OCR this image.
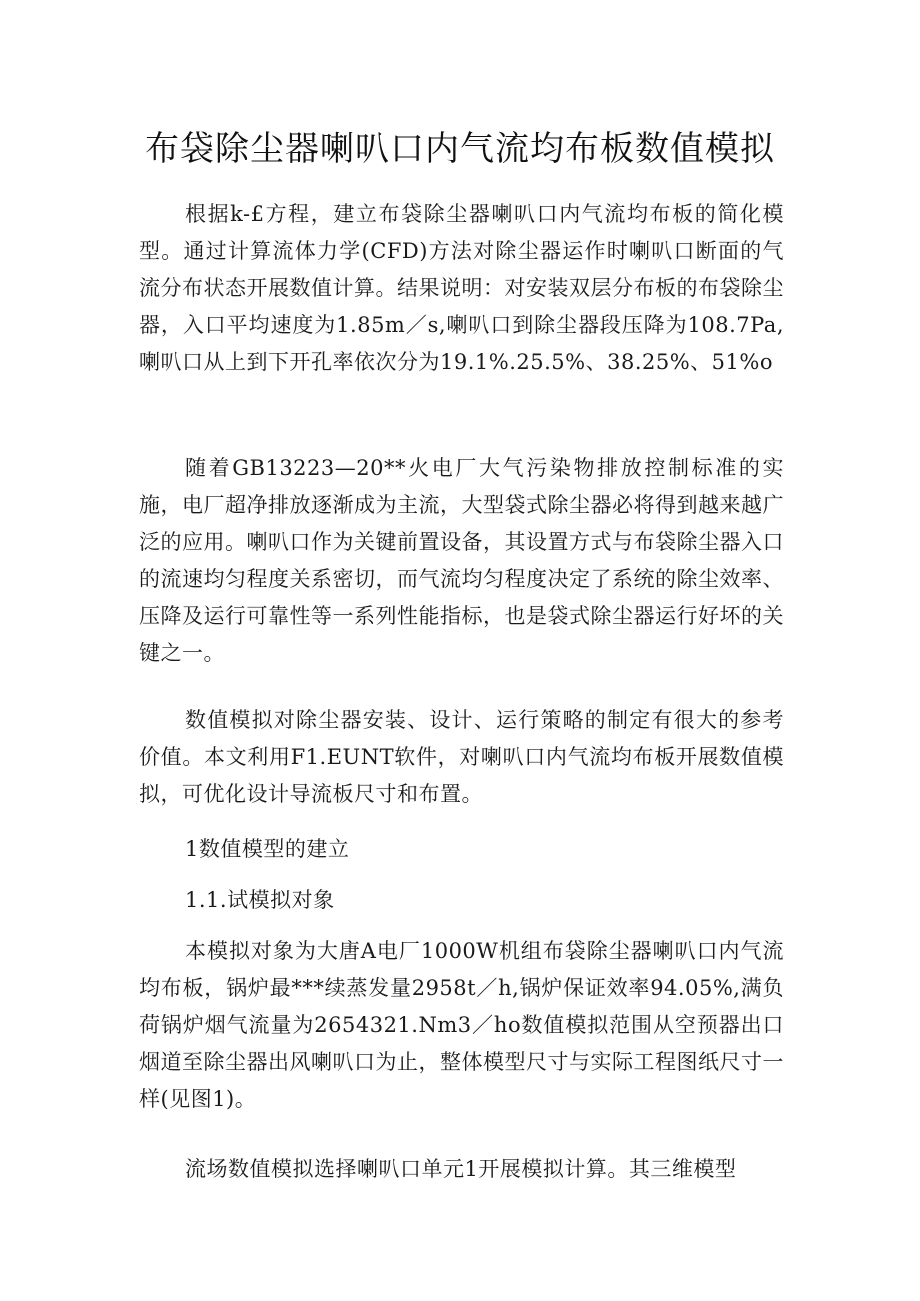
布袋除尘器喇叭口内气流均布板数值模拟

根据k-£方程，建立布袋除尘器喇叭口内气流均布板的简化模型。通过计算流体力学(CFD)方法对除尘器运作时喇叭口断面的气流分布状态开展数值计算。结果说明：对安装双层分布板的布袋除尘器，入口平均速度为1.85m／s,喇叭口到除尘器段压降为108.7Pa,喇叭口从上到下开孔率依次分为19.1%.25.5%、38.25%、51%o

随着GB13223—20**火电厂大气污染物排放控制标准的实施，电厂超净排放逐渐成为主流，大型袋式除尘器必将得到越来越广泛的应用。喇叭口作为关键前置设备，其设置方式与布袋除尘器入口的流速均匀程度关系密切，而气流均匀程度决定了系统的除尘效率、压降及运行可靠性等一系列性能指标，也是袋式除尘器运行好坏的关键之一。

数值模拟对除尘器安装、设计、运行策略的制定有很大的参考价值。本文利用F1.EUNT软件，对喇叭口内气流均布板开展数值模拟，可优化设计导流板尺寸和布置。

1数值模型的建立

1.1.试模拟对象

本模拟对象为大唐A电厂1000W机组布袋除尘器喇叭口内气流均布板，锅炉最***续蒸发量2958t／h,锅炉保证效率94.05%,满负荷锅炉烟气流量为2654321.Nm3／ho数值模拟范围从空预器出口烟道至除尘器出风喇叭口为止，整体模型尺寸与实际工程图纸尺寸一样(见图1)。

流场数值模拟选择喇叭口单元1开展模拟计算。其三维模型
